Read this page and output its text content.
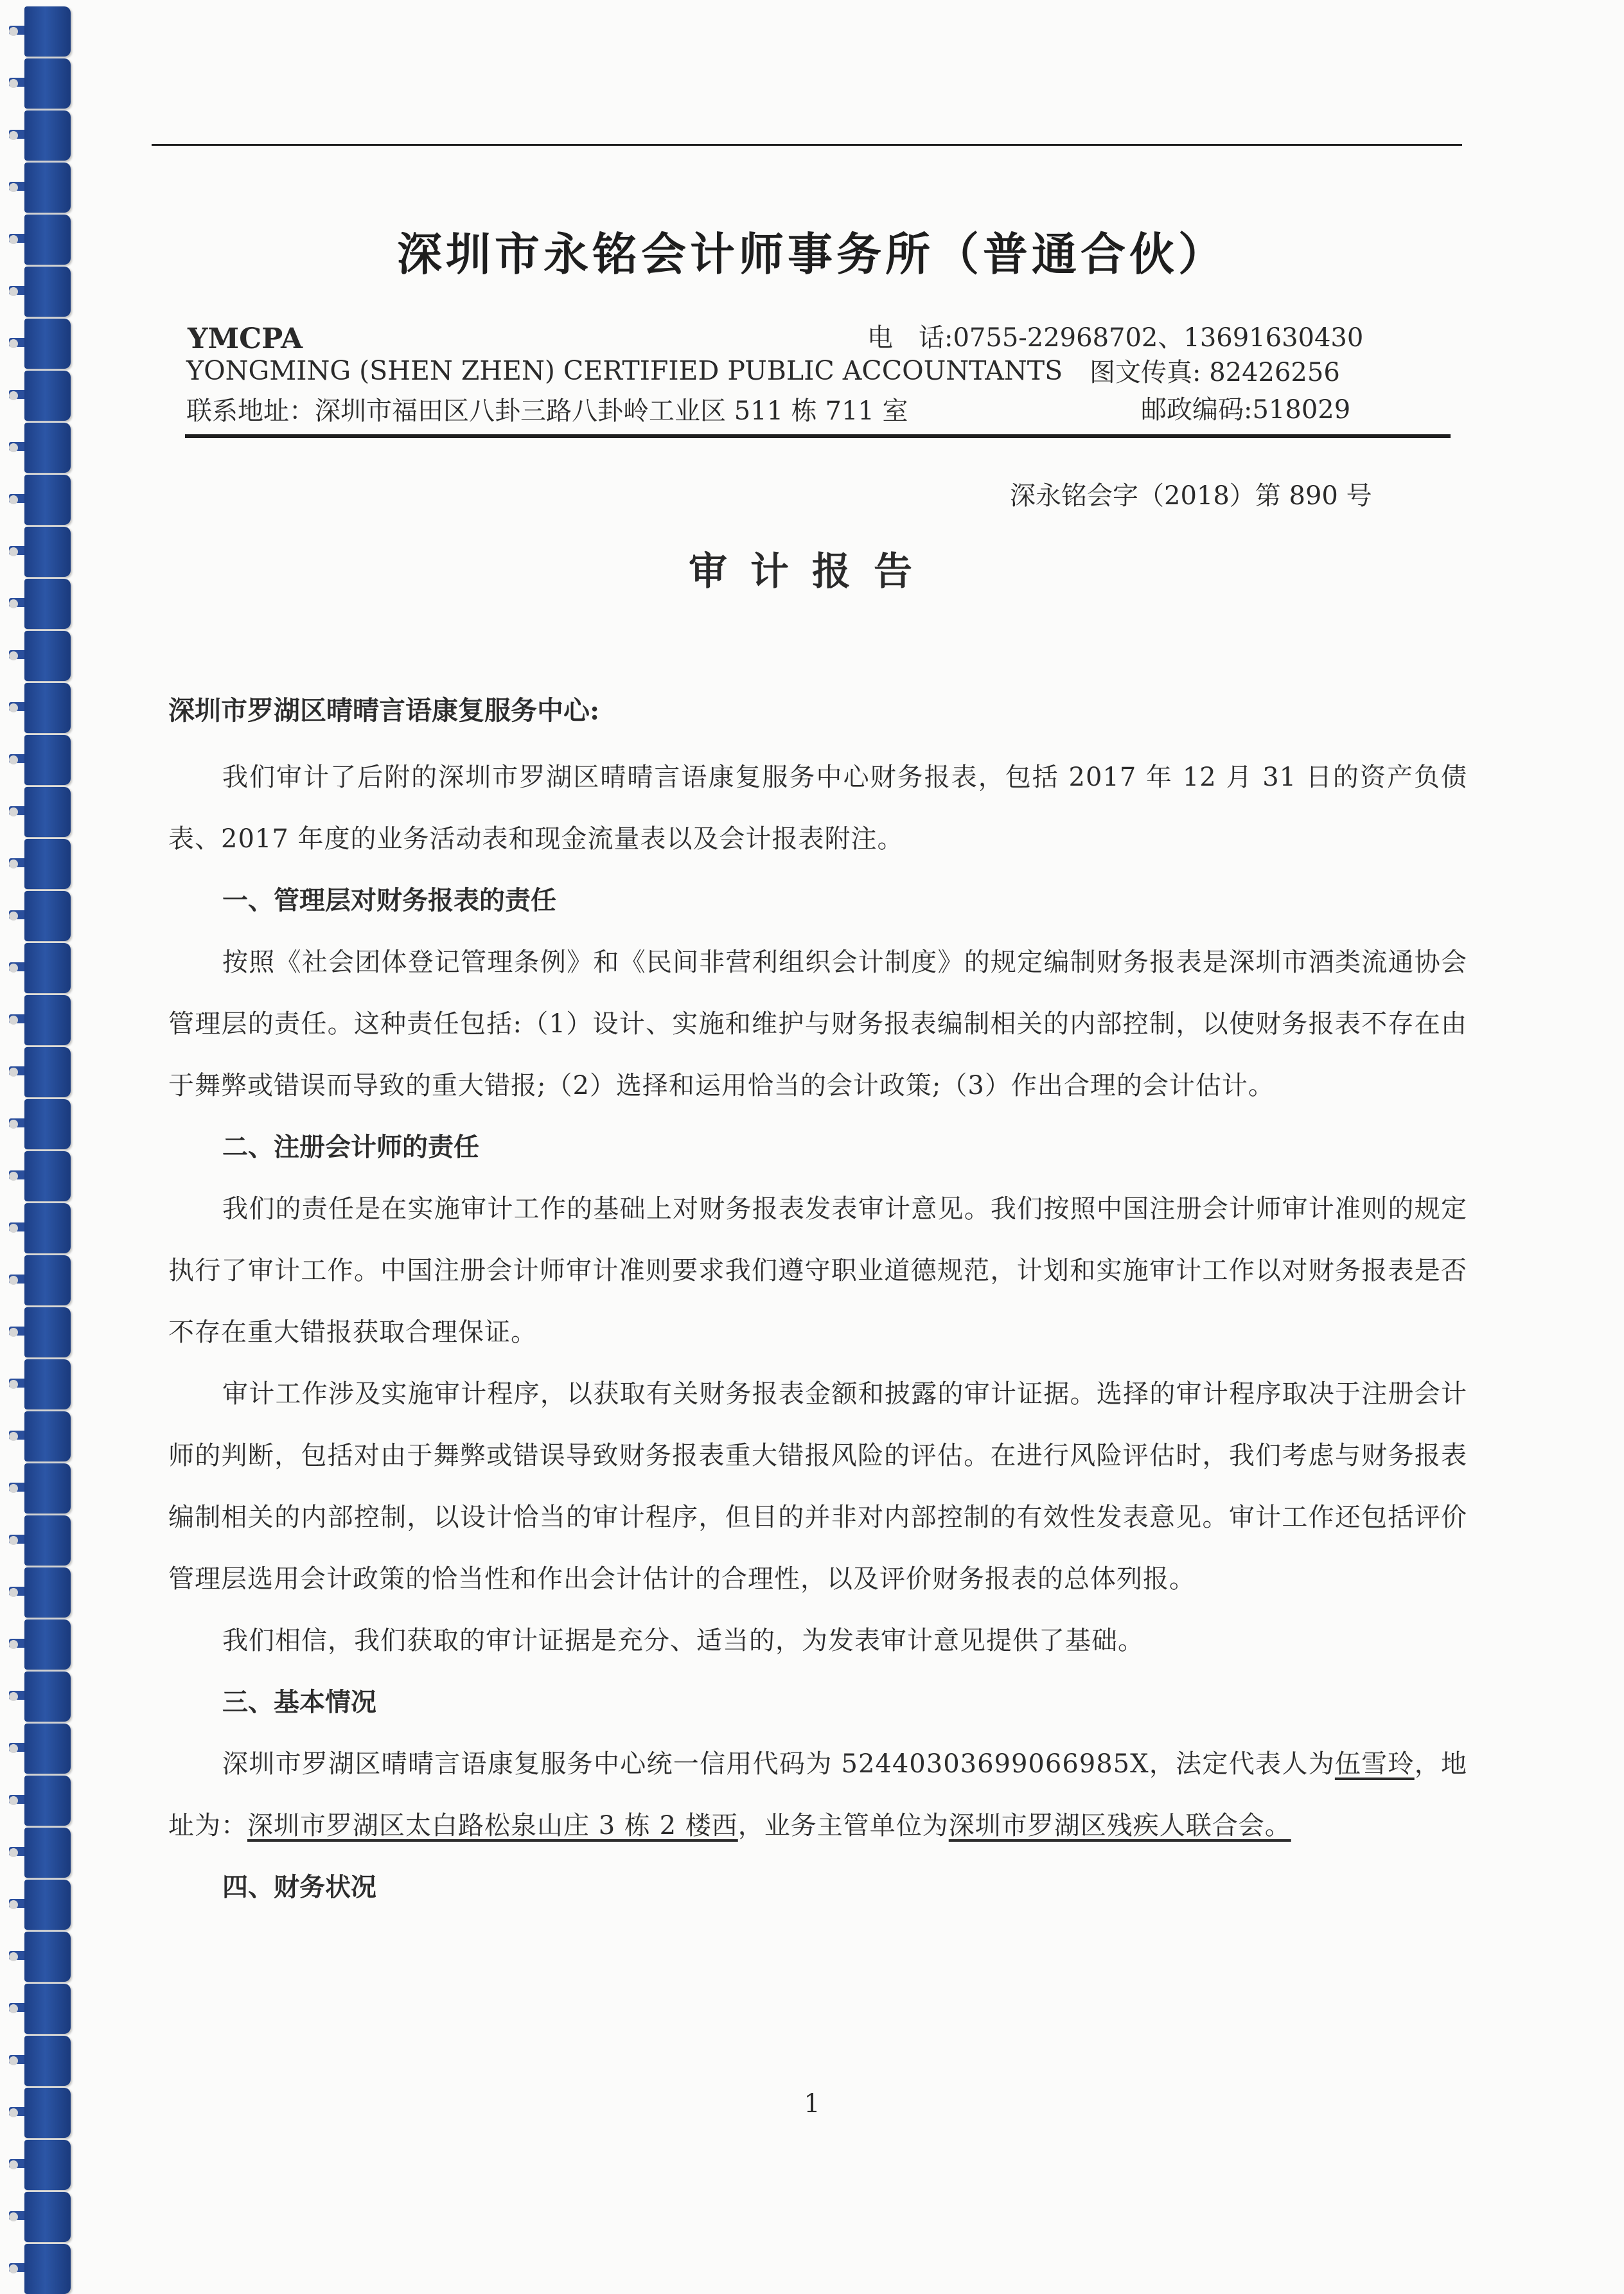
深圳市永铭会计师事务所（普通合伙）
YMCPA
YONGMING (SHEN ZHEN) CERTIFIED PUBLIC ACCOUNTANTS
联系地址：深圳市福田区八卦三路八卦岭工业区 511 栋 711 室
电　话:0755-22968702、13691630430
图文传真: 82426256
邮政编码:518029
深永铭会字（2018）第 890 号
审计报告

深圳市罗湖区晴晴言语康复服务中心:

我们审计了后附的深圳市罗湖区晴晴言语康复服务中心财务报表，包括 2017 年 12 月 31 日的资产负债表、2017 年度的业务活动表和现金流量表以及会计报表附注。

一、管理层对财务报表的责任

按照《社会团体登记管理条例》和《民间非营利组织会计制度》的规定编制财务报表是深圳市酒类流通协会管理层的责任。这种责任包括:（1）设计、实施和维护与财务报表编制相关的内部控制，以使财务报表不存在由于舞弊或错误而导致的重大错报;（2）选择和运用恰当的会计政策;（3）作出合理的会计估计。

二、注册会计师的责任

我们的责任是在实施审计工作的基础上对财务报表发表审计意见。我们按照中国注册会计师审计准则的规定执行了审计工作。中国注册会计师审计准则要求我们遵守职业道德规范，计划和实施审计工作以对财务报表是否不存在重大错报获取合理保证。

审计工作涉及实施审计程序，以获取有关财务报表金额和披露的审计证据。选择的审计程序取决于注册会计师的判断，包括对由于舞弊或错误导致财务报表重大错报风险的评估。在进行风险评估时，我们考虑与财务报表编制相关的内部控制，以设计恰当的审计程序，但目的并非对内部控制的有效性发表意见。审计工作还包括评价管理层选用会计政策的恰当性和作出会计估计的合理性，以及评价财务报表的总体列报。

我们相信，我们获取的审计证据是充分、适当的，为发表审计意见提供了基础。

三、基本情况

深圳市罗湖区晴晴言语康复服务中心统一信用代码为 52440303699066985X，法定代表人为伍雪玲，地址为：深圳市罗湖区太白路松泉山庄 3 栋 2 楼西，业务主管单位为深圳市罗湖区残疾人联合会。

四、财务状况

1
